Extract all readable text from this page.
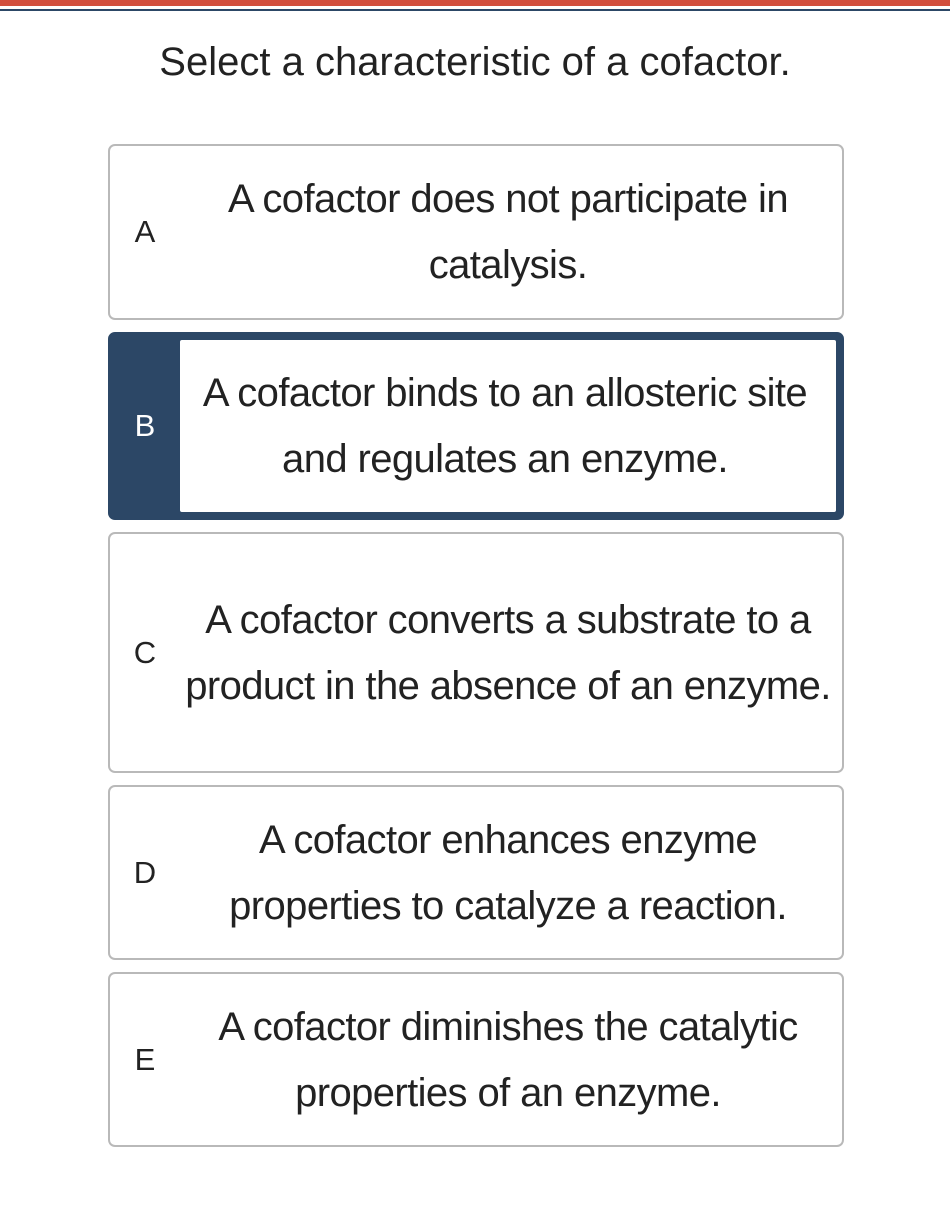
Select a characteristic of a cofactor.
A
A cofactor does not participate in catalysis.
B
A cofactor binds to an allosteric site and regulates an enzyme.
C
A cofactor converts a substrate to a product in the absence of an enzyme.
D
A cofactor enhances enzyme properties to catalyze a reaction.
E
A cofactor diminishes the catalytic properties of an enzyme.
